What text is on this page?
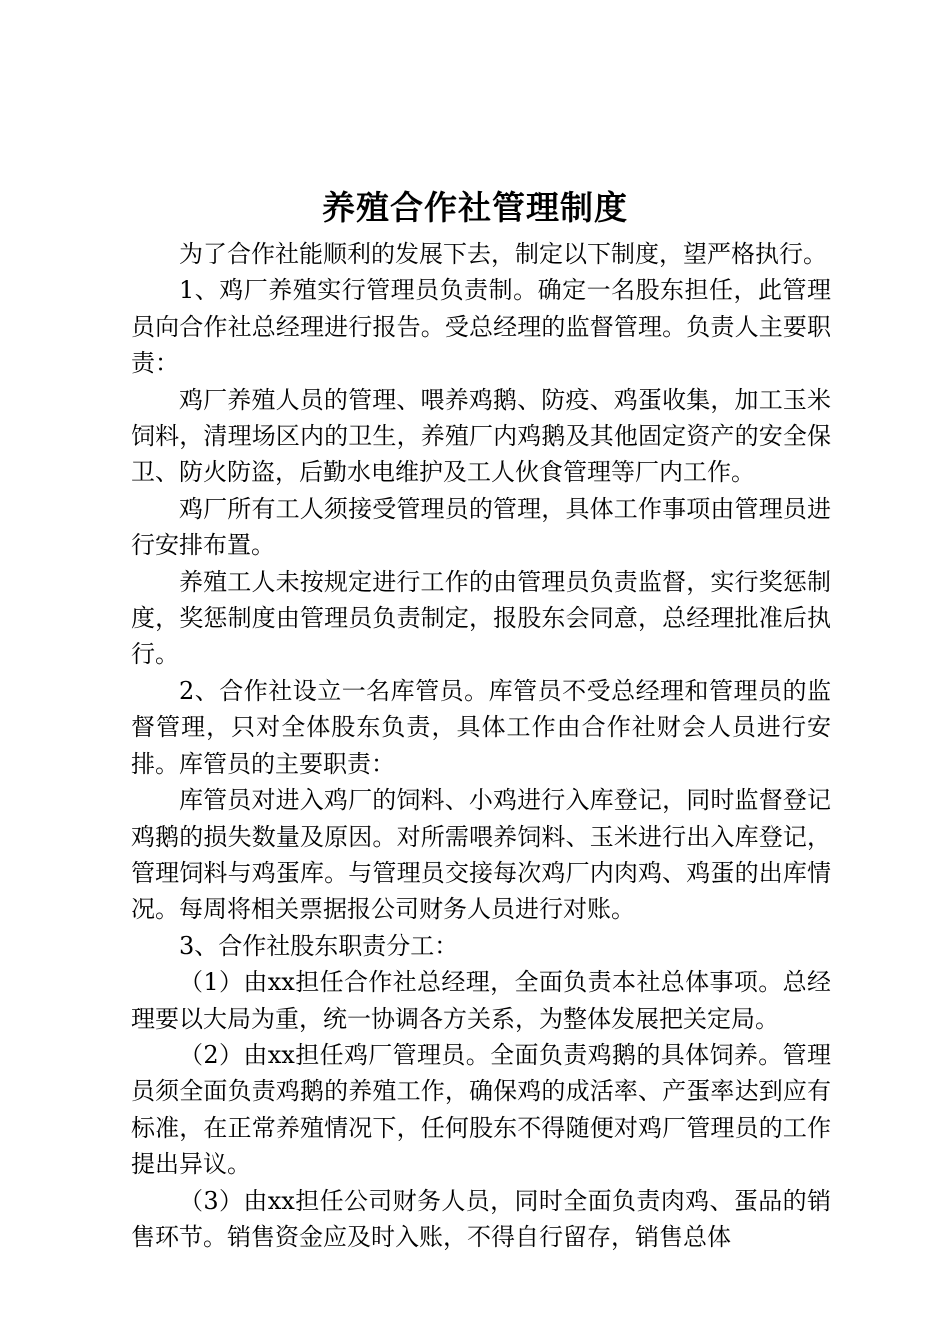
养殖合作社管理制度

为了合作社能顺利的发展下去，制定以下制度，望严格执行。

1、鸡厂养殖实行管理员负责制。确定一名股东担任，此管理员向合作社总经理进行报告。受总经理的监督管理。负责人主要职责：

鸡厂养殖人员的管理、喂养鸡鹅、防疫、鸡蛋收集，加工玉米饲料，清理场区内的卫生，养殖厂内鸡鹅及其他固定资产的安全保卫、防火防盗，后勤水电维护及工人伙食管理等厂内工作。

鸡厂所有工人须接受管理员的管理，具体工作事项由管理员进行安排布置。

养殖工人未按规定进行工作的由管理员负责监督，实行奖惩制度，奖惩制度由管理员负责制定，报股东会同意，总经理批准后执行。

2、合作社设立一名库管员。库管员不受总经理和管理员的监督管理，只对全体股东负责，具体工作由合作社财会人员进行安排。库管员的主要职责：

库管员对进入鸡厂的饲料、小鸡进行入库登记，同时监督登记鸡鹅的损失数量及原因。对所需喂养饲料、玉米进行出入库登记，管理饲料与鸡蛋库。与管理员交接每次鸡厂内肉鸡、鸡蛋的出库情况。每周将相关票据报公司财务人员进行对账。

3、合作社股东职责分工：

（1）由xx担任合作社总经理，全面负责本社总体事项。总经理要以大局为重，统一协调各方关系，为整体发展把关定局。

（2）由xx担任鸡厂管理员。全面负责鸡鹅的具体饲养。管理员须全面负责鸡鹅的养殖工作，确保鸡的成活率、产蛋率达到应有标准，在正常养殖情况下，任何股东不得随便对鸡厂管理员的工作提出异议。

（3）由xx担任公司财务人员，同时全面负责肉鸡、蛋品的销售环节。销售资金应及时入账，不得自行留存，销售总体
